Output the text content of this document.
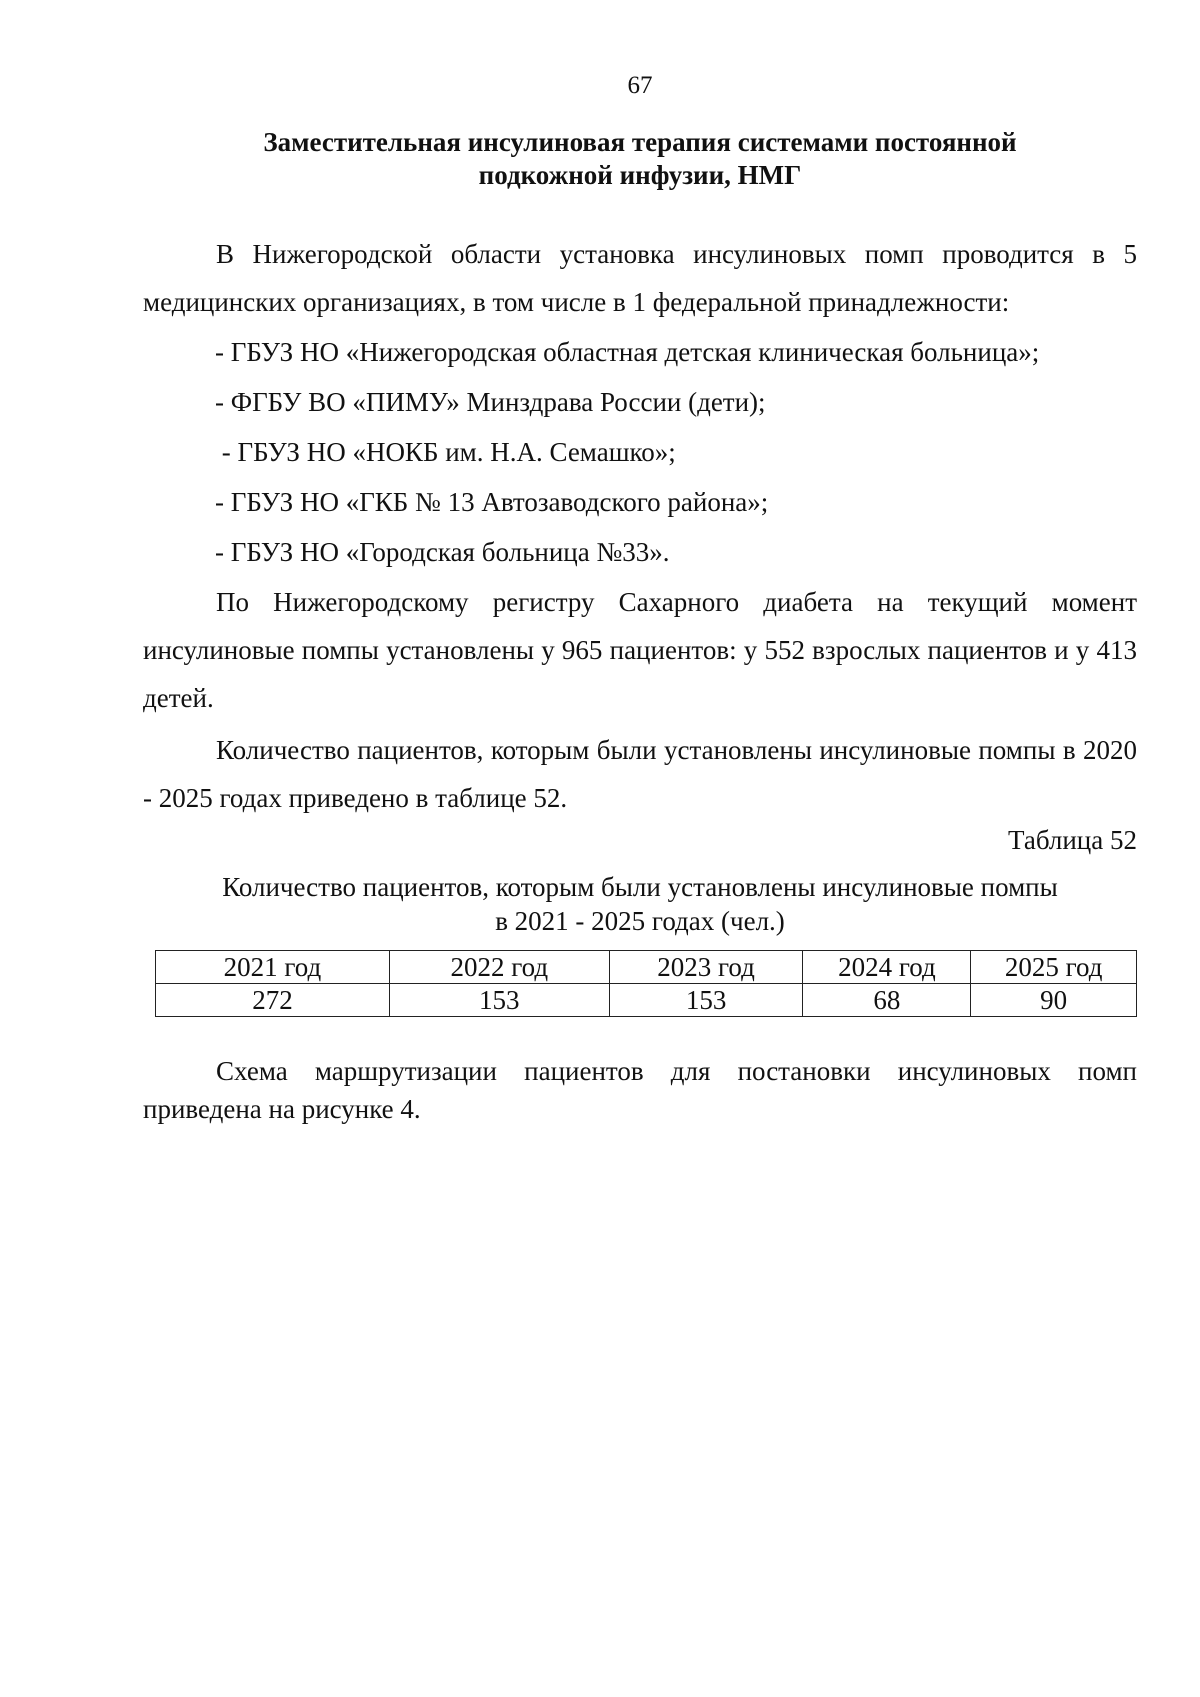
67
Заместительная инсулиновая терапия системами постоянной
подкожной инфузии, НМГ
В Нижегородской области установка инсулиновых помп проводится в 5 медицинских организациях, в том числе в 1 федеральной принадлежности:
- ГБУЗ НО «Нижегородская областная детская клиническая больница»;
- ФГБУ ВО «ПИМУ» Минздрава России (дети);
- ГБУЗ НО «НОКБ им. Н.А. Семашко»;
- ГБУЗ НО «ГКБ № 13 Автозаводского района»;
- ГБУЗ НО «Городская больница №33».
По Нижегородскому регистру Сахарного диабета на текущий момент инсулиновые помпы установлены у 965 пациентов: у 552 взрослых пациентов и у 413 детей.
Количество пациентов, которым были установлены инсулиновые помпы в 2020 - 2025 годах приведено в таблице 52.
Таблица 52
Количество пациентов, которым были установлены инсулиновые помпы
в 2021 - 2025 годах (чел.)
2021 год	2022 год	2023 год	2024 год	2025 год
272	153	153	68	90
Схема маршрутизации пациентов для постановки инсулиновых помп приведена на рисунке 4.
